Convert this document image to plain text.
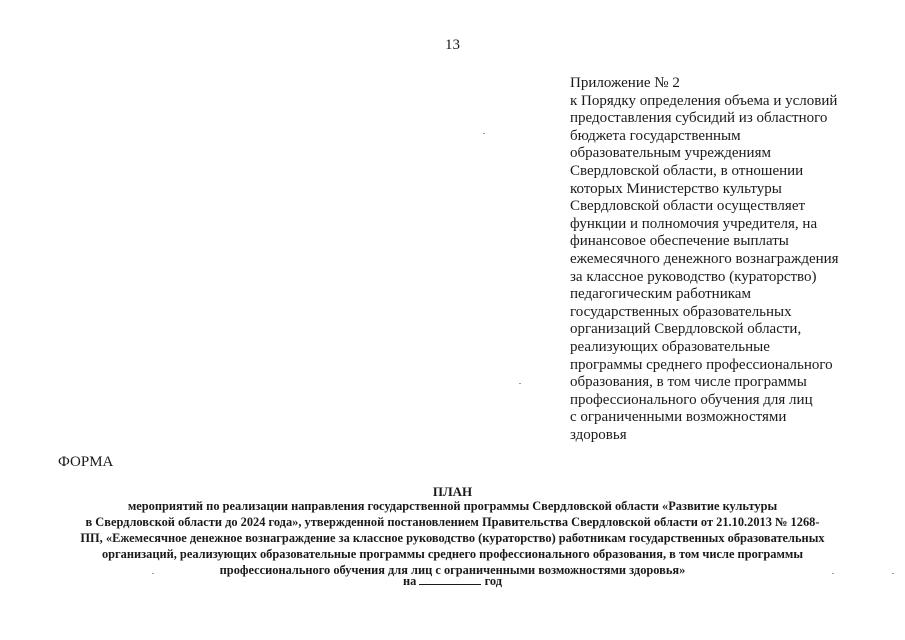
13
Приложение № 2
к Порядку определения объема и условий
предоставления субсидий из областного
бюджета государственным
образовательным учреждениям
Свердловской области, в отношении
которых Министерство культуры
Свердловской области осуществляет
функции и полномочия учредителя, на
финансовое обеспечение выплаты
ежемесячного денежного вознаграждения
за классное руководство (кураторство)
педагогическим работникам
государственных образовательных
организаций Свердловской области,
реализующих образовательные
программы среднего профессионального
образования, в том числе программы
профессионального обучения для лиц
с ограниченными возможностями
здоровья
ФОРМА
ПЛАН
мероприятий по реализации направления государственной программы Свердловской области «Развитие культуры
в Свердловской области до 2024 года», утвержденной постановлением Правительства Свердловской области от 21.10.2013 № 1268-
ПП, «Ежемесячное денежное вознаграждение за классное руководство (кураторство) работникам государственных образовательных
организаций, реализующих образовательные программы среднего профессионального образования, в том числе программы
профессионального обучения для лиц с ограниченными возможностями здоровья»
на	год
